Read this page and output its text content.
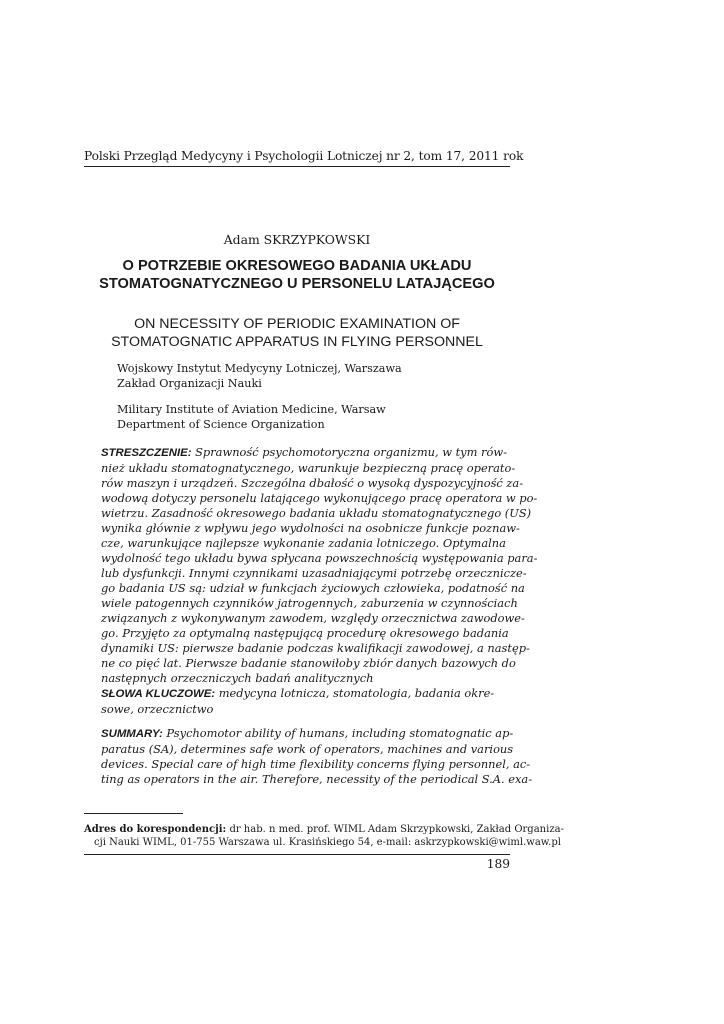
Polski Przegląd Medycyny i Psychologii Lotniczej nr 2, tom 17, 2011 rok
Adam SKRZYPKOWSKI
O POTRZEBIE OKRESOWEGO BADANIA UKŁADU
STOMATOGNATYCZNEGO U PERSONELU LATAJĄCEGO
ON NECESSITY OF PERIODIC EXAMINATION OF
STOMATOGNATIC APPARATUS IN FLYING PERSONNEL
Wojskowy Instytut Medycyny Lotniczej, Warszawa
Zakład Organizacji Nauki
Military Institute of Aviation Medicine, Warsaw
Department of Science Organization
STRESZCZENIE: Sprawność psychomotoryczna organizmu, w tym rów-
nież układu stomatognatycznego, warunkuje bezpieczną pracę operato-
rów maszyn i urządzeń. Szczególna dbałość o wysoką dyspozycyjność za-
wodową dotyczy personelu latającego wykonującego pracę operatora w po-
wietrzu. Zasadność okresowego badania układu stomatognatycznego (US)
wynika głównie z wpływu jego wydolności na osobnicze funkcje poznaw-
cze, warunkujące najlepsze wykonanie zadania lotniczego. Optymalna
wydolność tego układu bywa spłycana powszechnością występowania para-
lub dysfunkcji. Innymi czynnikami uzasadniającymi potrzebę orzecznicze-
go badania US są: udział w funkcjach życiowych człowieka, podatność na
wiele patogennych czynników jatrogennych, zaburzenia w czynnościach
związanych z wykonywanym zawodem, względy orzecznictwa zawodowe-
go. Przyjęto za optymalną następującą procedurę okresowego badania
dynamiki US: pierwsze badanie podczas kwalifikacji zawodowej, a następ-
ne co pięć lat. Pierwsze badanie stanowiłoby zbiór danych bazowych do
następnych orzeczniczych badań analitycznych
SŁOWA KLUCZOWE: medycyna lotnicza, stomatologia, badania okre-
sowe, orzecznictwo
SUMMARY: Psychomotor ability of humans, including stomatognatic ap-
paratus (SA), determines safe work of operators, machines and various
devices. Special care of high time flexibility concerns flying personnel, ac-
ting as operators in the air. Therefore, necessity of the periodical S.A. exa-
Adres do korespondencji: dr hab. n med. prof. WIML Adam Skrzypkowski, Zakład Organiza-
cji Nauki WIML, 01-755 Warszawa ul. Krasińskiego 54, e-mail: askrzypkowski@wiml.waw.pl
189
